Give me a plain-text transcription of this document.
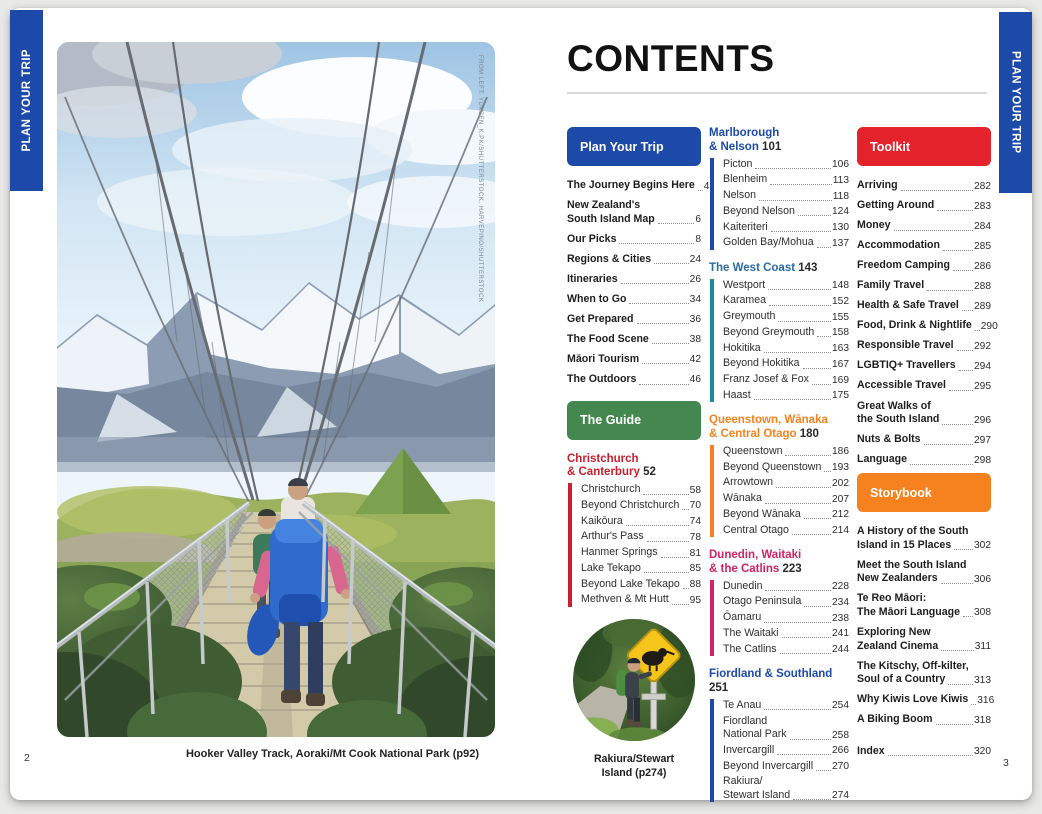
PLAN YOUR TRIP	PLAN YOUR TRIP
FROM LEFT: YUKSEN_K.PK/SHUTTERSTOCK, HARVEPINO/SHUTTERSTOCK
Hooker Valley Track, Aoraki/Mt Cook National Park (p92)
2	3
CONTENTS
Plan Your Trip
The Journey Begins Here 4
New Zealand's
South Island Map	6
Our Picks	8
Regions & Cities	24
Itineraries	26
When to Go	34
Get Prepared	36
The Food Scene	38
Māori Tourism	42
The Outdoors	46
The Guide
Christchurch
& Canterbury 52
Christchurch	58
Beyond Christchurch 70
Kaikōura	74
Arthur's Pass	78
Hanmer Springs	81
Lake Tekapo	85
Beyond Lake Tekapo 88
Methven & Mt Hutt 95
Rakiura/Stewart
Island (p274)
Marlborough
& Nelson 101
Picton	106
Blenheim	113
Nelson	118
Beyond Nelson	124
Kaiteriteri	130
Golden Bay/Mohua 137
The West Coast 143
Westport	148
Karamea	152
Greymouth	155
Beyond Greymouth 158
Hokitika	163
Beyond Hokitika	167
Franz Josef & Fox 169
Haast	175
Queenstown, Wānaka
& Central Otago 180
Queenstown	186
Beyond Queenstown 193
Arrowtown	202
Wānaka	207
Beyond Wānaka	212
Central Otago	214
Dunedin, Waitaki
& the Catlins 223
Dunedin	228
Otago Peninsula	234
Ōamaru	238
The Waitaki	241
The Catlins	244
Fiordland & Southland 251
Te Anau	254
Fiordland
National Park	258
Invercargill	266
Beyond Invercargill 270
Rakiura/
Stewart Island	274
Toolkit
Arriving	282
Getting Around	283
Money	284
Accommodation	285
Freedom Camping 286
Family Travel	288
Health & Safe Travel 289
Food, Drink & Nightlife 290
Responsible Travel 292
LGBTIQ+ Travellers 294
Accessible Travel	295
Great Walks of
the South Island	296
Nuts & Bolts	297
Language	298
Storybook
A History of the South
Island in 15 Places 302
Meet the South Island
New Zealanders	306
Te Reo Māori:
The Māori Language 308
Exploring New
Zealand Cinema	311
The Kitschy, Off-kilter,
Soul of a Country	313
Why Kiwis Love Kiwis 316
A Biking Boom	318
Index	320
